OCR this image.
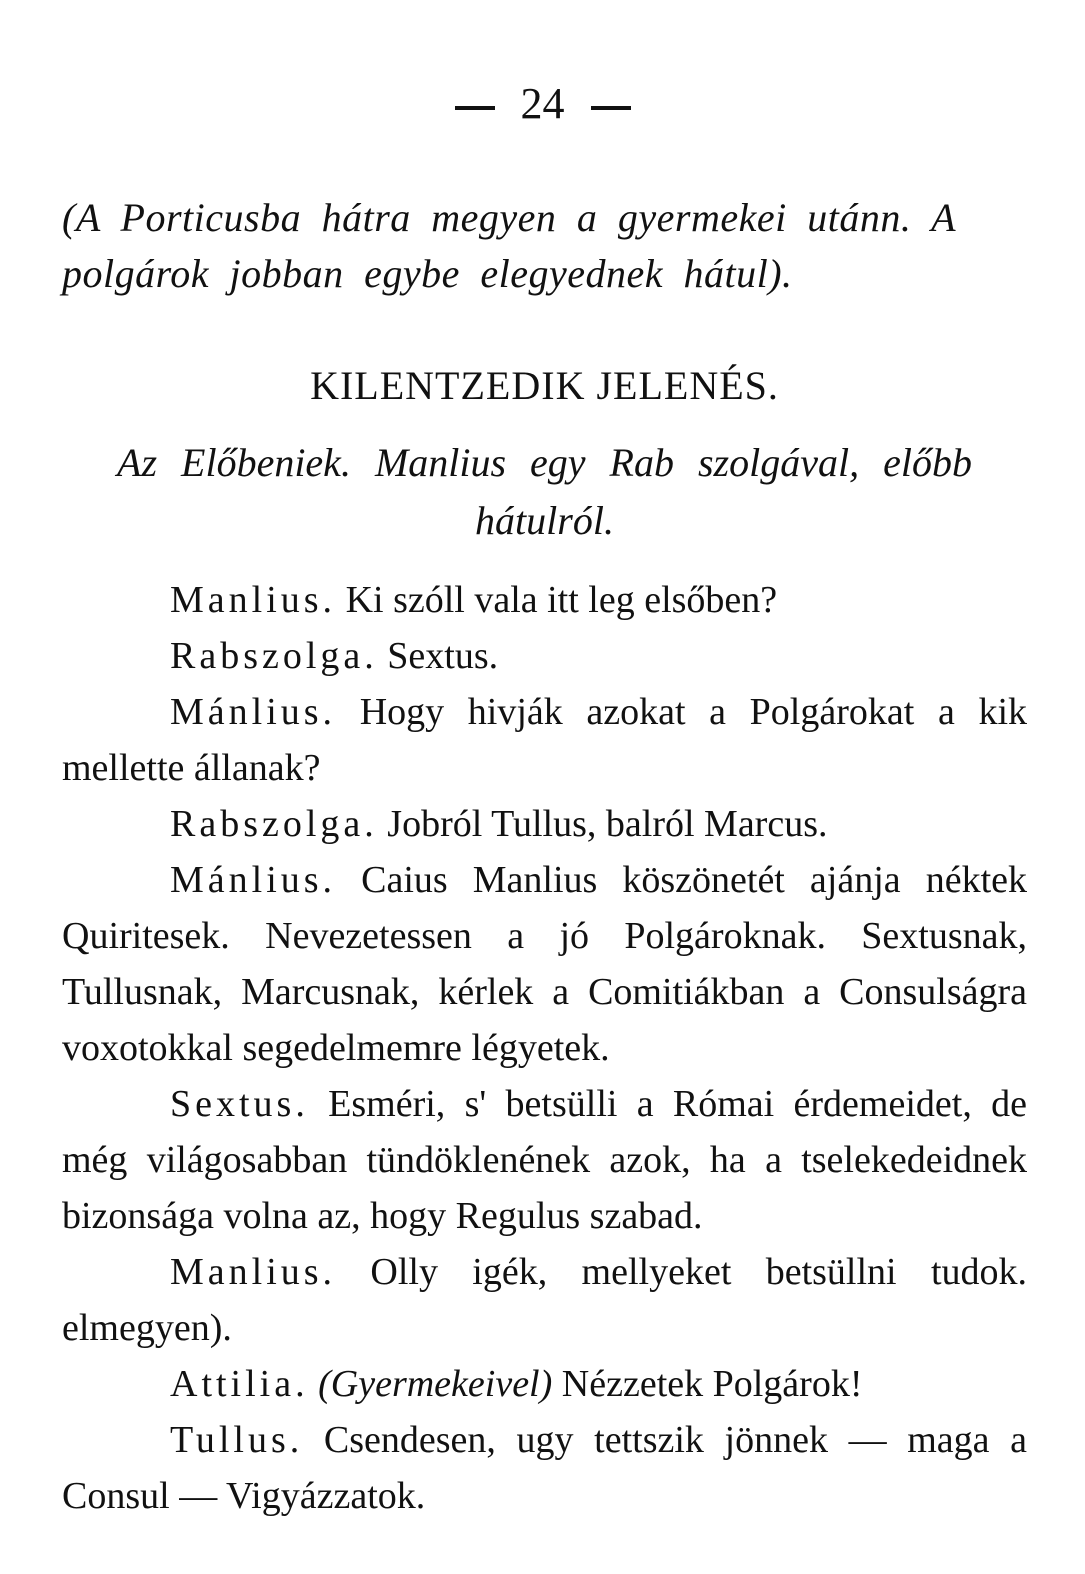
24
(A Porticusba hátra megyen a gyermekei utánn. A polgárok jobban egybe elegyednek hátul).
KILENTZEDIK JELENÉS.
Az Előbeniek. Manlius egy Rab szolgával, előbb hátulról.

Manlius. Ki szóll vala itt leg elsőben?

Rabszolga. Sextus.

Mánlius. Hogy hivják azokat a Polgárokat a kik mellette állanak?

Rabszolga. Jobról Tullus, balról Marcus.

Mánlius. Caius Manlius köszönetét ajánja néktek Quiritesek. Nevezetessen a jó Polgároknak. Sextusnak, Tullusnak, Marcusnak, kérlek a Comitiákban a Consulságra voxotokkal segedelmemre légyetek.

Sextus. Esméri, s' betsülli a Római érdemeidet, de még világosabban tündöklenének azok, ha a tselekedeidnek bizonsága volna az, hogy Regulus szabad.

Manlius. Olly igék, mellyeket betsüllni tudok. elmegyen).

Attilia. (Gyermekeivel) Nézzetek Polgárok!

Tullus. Csendesen, ugy tettszik jönnek — maga a Consul — Vigyázzatok.
